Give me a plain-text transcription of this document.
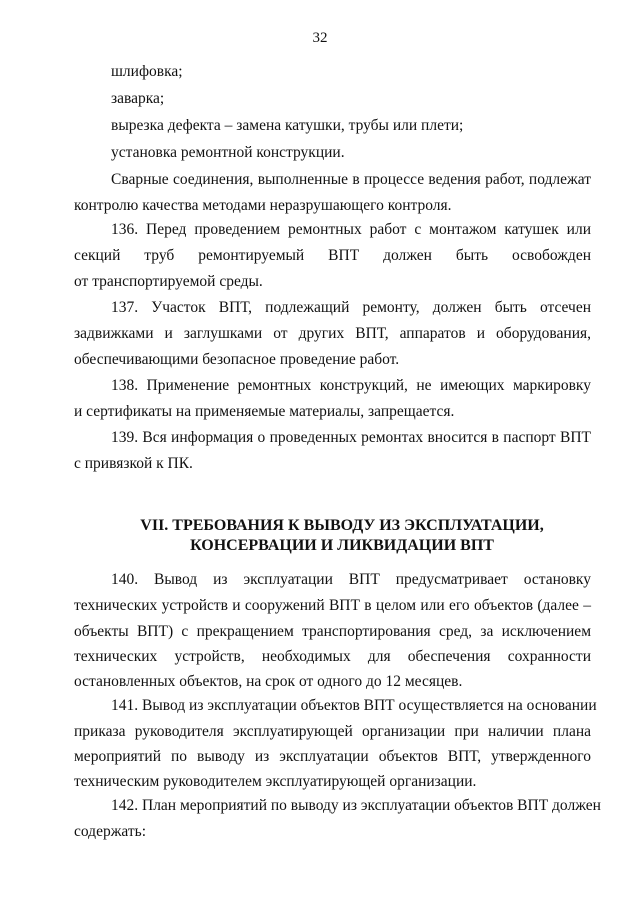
32
шлифовка;
заварка;
вырезка дефекта – замена катушки, трубы или плети;
установка ремонтной конструкции.
Сварные соединения, выполненные в процессе ведения работ, подлежат
контролю качества методами неразрушающего контроля.
136. Перед проведением ремонтных работ с монтажом катушек или
секций труб ремонтируемый ВПТ должен быть освобожден
от транспортируемой среды.
137. Участок ВПТ, подлежащий ремонту, должен быть отсечен
задвижками и заглушками от других ВПТ, аппаратов и оборудования,
обеспечивающими безопасное проведение работ.
138. Применение ремонтных конструкций, не имеющих маркировку
и сертификаты на применяемые материалы, запрещается.
139. Вся информация о проведенных ремонтах вносится в паспорт ВПТ
с привязкой к ПК.
VII. ТРЕБОВАНИЯ К ВЫВОДУ ИЗ ЭКСПЛУАТАЦИИ,
КОНСЕРВАЦИИ И ЛИКВИДАЦИИ ВПТ
140. Вывод из эксплуатации ВПТ предусматривает остановку
технических устройств и сооружений ВПТ в целом или его объектов (далее –
объекты ВПТ) с прекращением транспортирования сред, за исключением
технических устройств, необходимых для обеспечения сохранности
остановленных объектов, на срок от одного до 12 месяцев.
141. Вывод из эксплуатации объектов ВПТ осуществляется на основании
приказа руководителя эксплуатирующей организации при наличии плана
мероприятий по выводу из эксплуатации объектов ВПТ, утвержденного
техническим руководителем эксплуатирующей организации.
142. План мероприятий по выводу из эксплуатации объектов ВПТ должен
содержать:
